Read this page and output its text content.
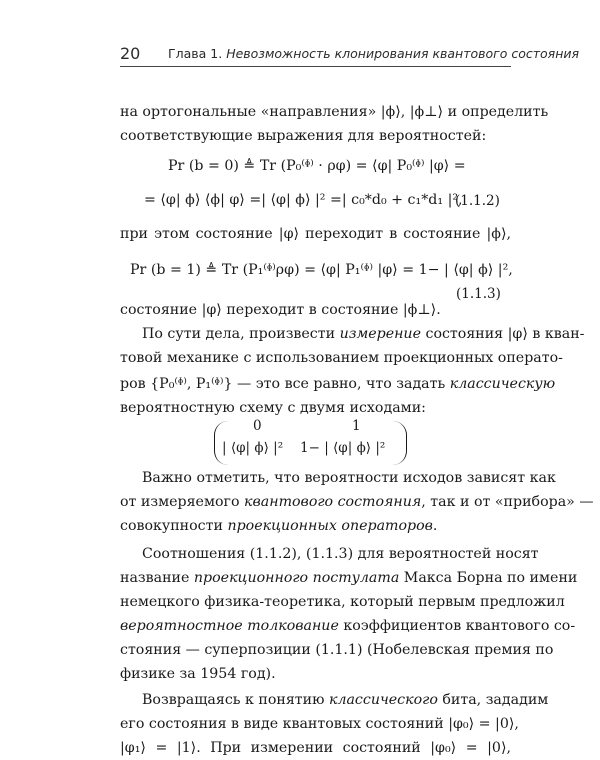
20 Глава 1. Невозможность клонирования квантового состояния
на ортогональные «направления» |ϕ⟩, |ϕ⊥⟩ и определить
соответствующие выражения для вероятностей:
Pr (b = 0) ≜ Tr (P₀⁽ᶲ⁾ · ρφ) = ⟨φ| P₀⁽ᶲ⁾ |φ⟩ =
= ⟨φ| ϕ⟩ ⟨ϕ| φ⟩ =| ⟨φ| ϕ⟩ |² =| c₀*d₀ + c₁*d₁ |²,
(1.1.2)
при этом состояние |φ⟩ переходит в состояние |ϕ⟩,
Pr (b = 1) ≜ Tr (P₁⁽ᶲ⁾ρφ) = ⟨φ| P₁⁽ᶲ⁾ |φ⟩ = 1− | ⟨φ| ϕ⟩ |²,
(1.1.3)
состояние |φ⟩ переходит в состояние |ϕ⊥⟩.
По сути дела, произвести измерение состояния |φ⟩ в кван-
товой механике с использованием проекционных операто-
ров {P₀⁽ᶲ⁾, P₁⁽ᶲ⁾} — это все равно, что задать классическую
вероятностную схему с двумя исходами:
0	1
| ⟨φ| ϕ⟩ |² 1− | ⟨φ| ϕ⟩ |²
Важно отметить, что вероятности исходов зависят как
от измеряемого квантового состояния, так и от «прибора» —
совокупности проекционных операторов.
Соотношения (1.1.2), (1.1.3) для вероятностей носят
название проекционного постулата Макса Борна по имени
немецкого физика-теоретика, который первым предложил
вероятностное толкование коэффициентов квантового со-
стояния — суперпозиции (1.1.1) (Нобелевская премия по
физике за 1954 год).
Возвращаясь к понятию классического бита, зададим
его состояния в виде квантовых состояний |φ₀⟩ = |0⟩,
|φ₁⟩ = |1⟩. При измерении состояний |φ₀⟩ = |0⟩,
